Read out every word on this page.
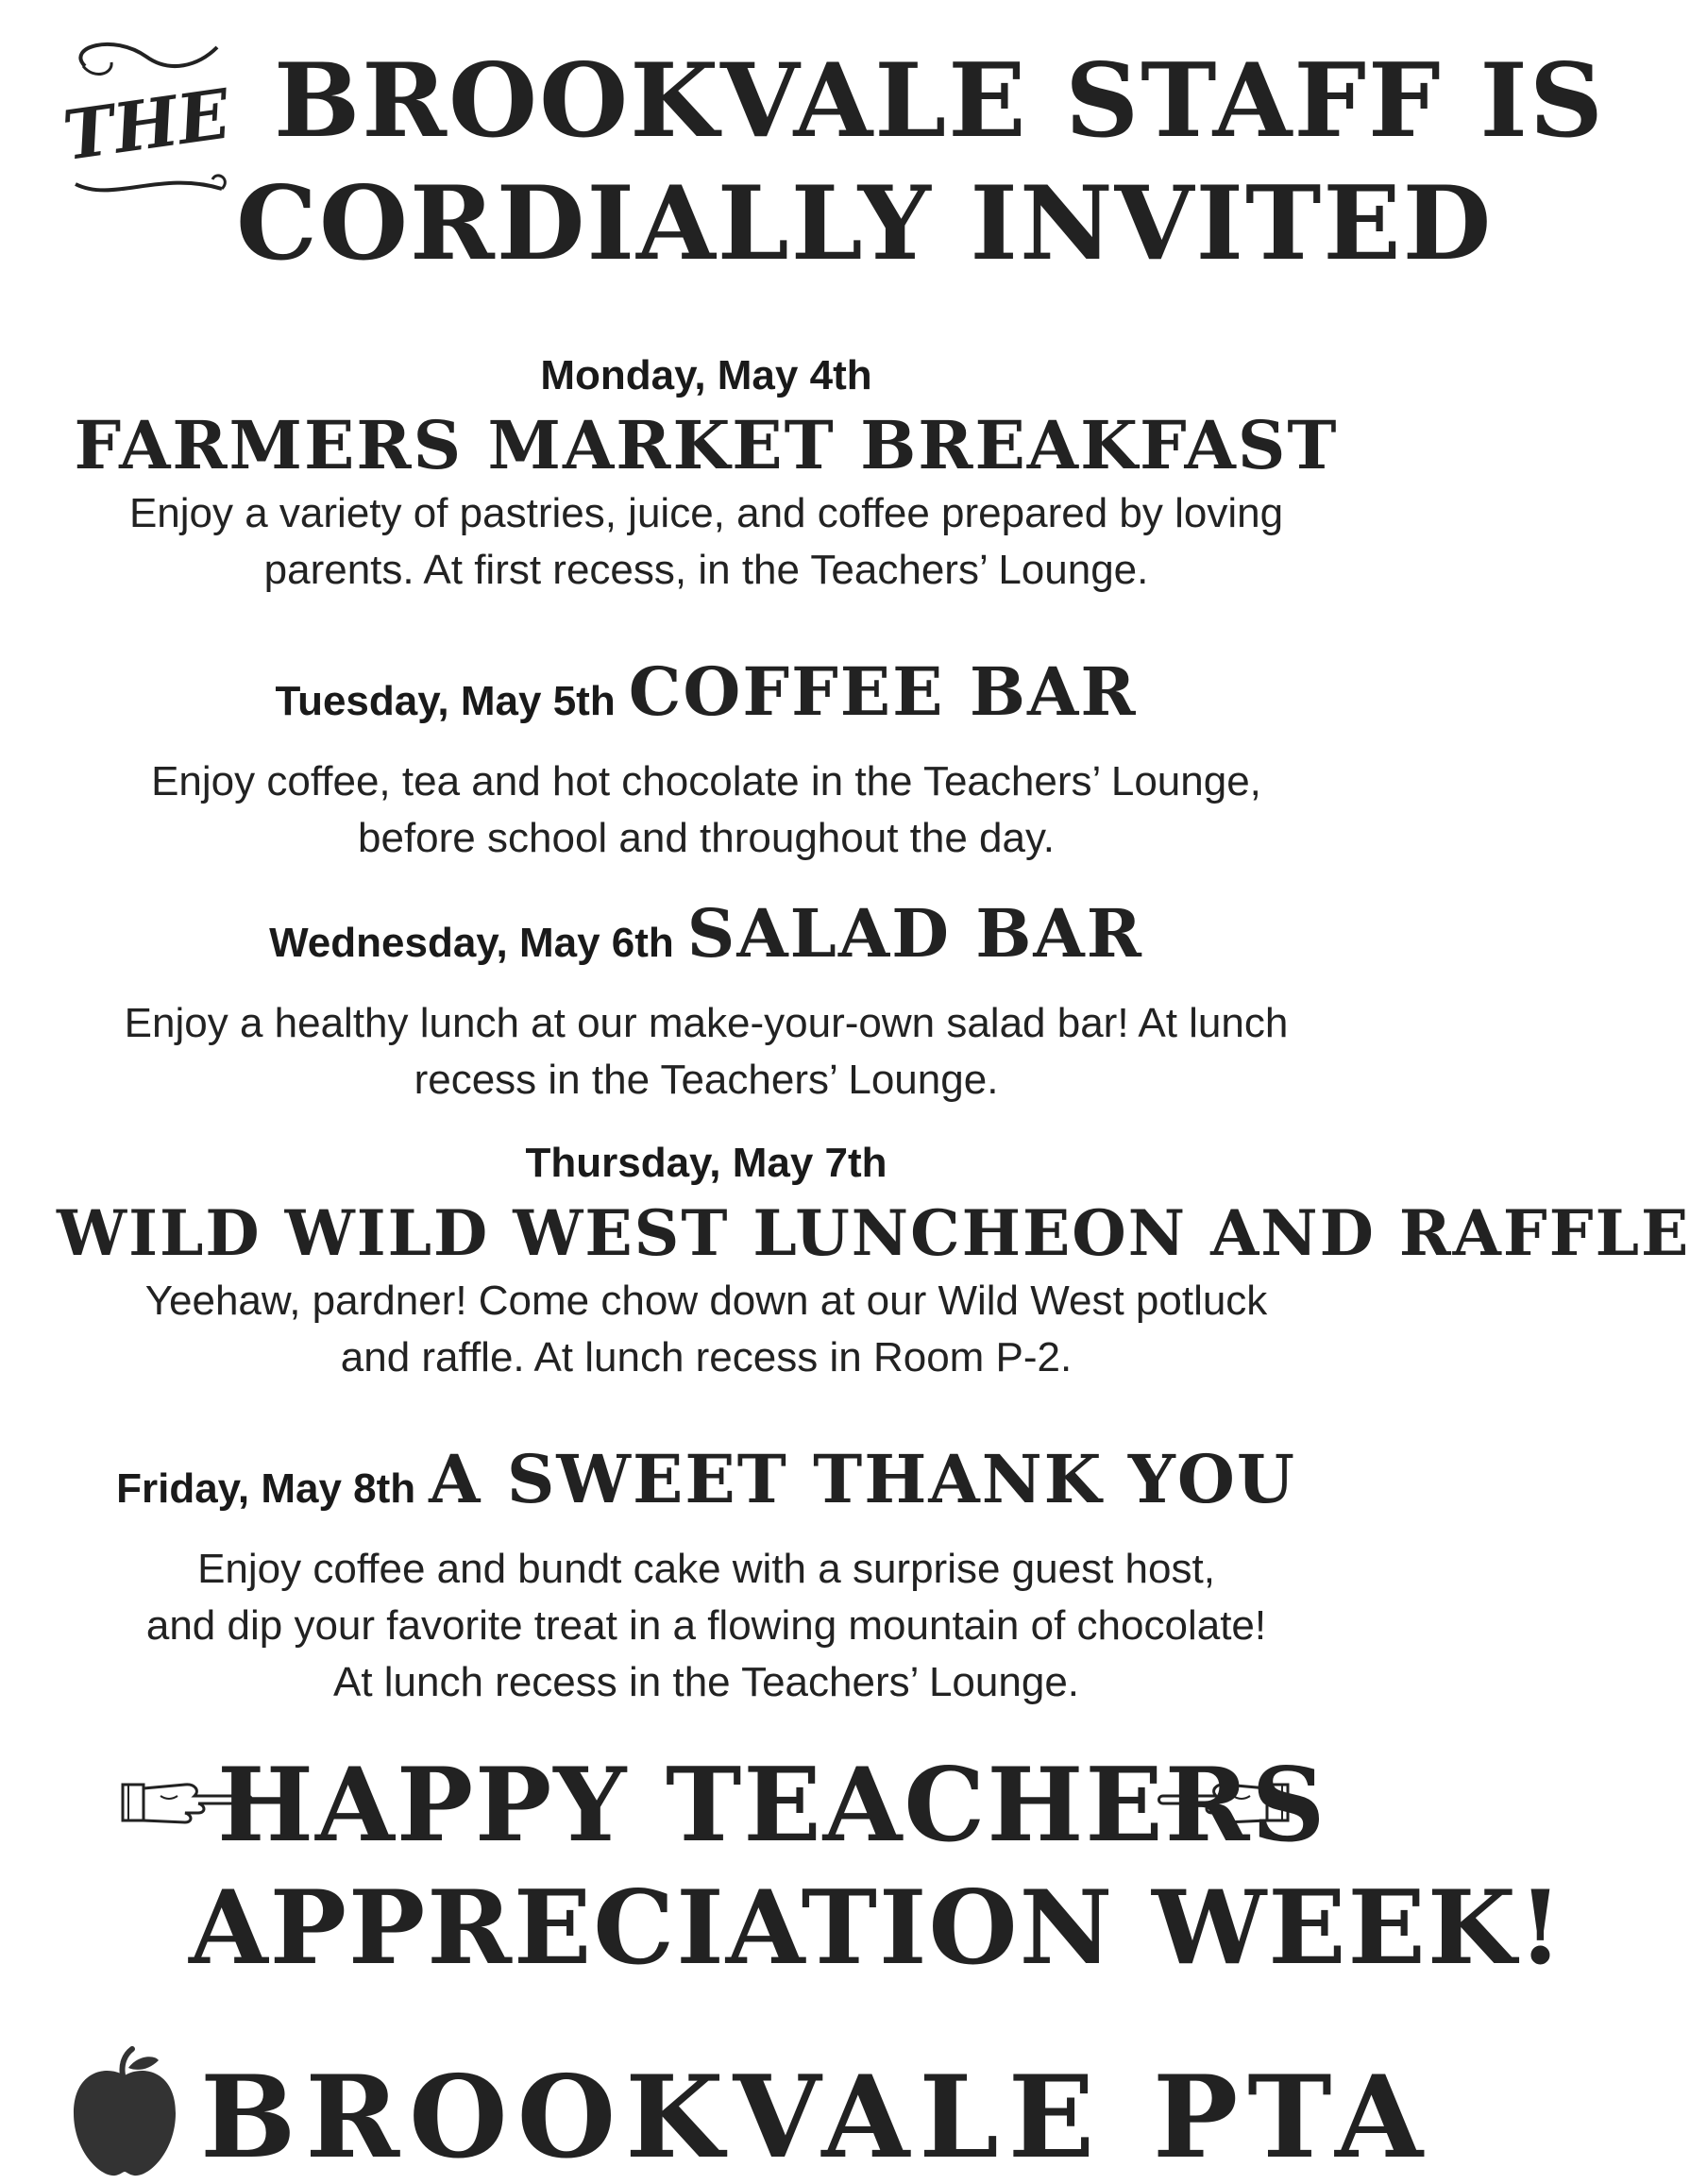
THE BROOKVALE STAFF IS
CORDIALLY INVITED
Monday, May 4th
FARMERS MARKET BREAKFAST
Enjoy a variety of pastries, juice, and coffee prepared by loving
parents. At first recess, in the Teachers’ Lounge.
Tuesday, May 5th COFFEE BAR
Enjoy coffee, tea and hot chocolate in the Teachers’ Lounge,
before school and throughout the day.
Wednesday, May 6th SALAD BAR
Enjoy a healthy lunch at our make-your-own salad bar! At lunch
recess in the Teachers’ Lounge.
Thursday, May 7th
WILD WILD WEST LUNCHEON AND RAFFLE
Yeehaw, pardner! Come chow down at our Wild West potluck
and raffle. At lunch recess in Room P-2.
Friday, May 8th A SWEET THANK YOU
Enjoy coffee and bundt cake with a surprise guest host,
and dip your favorite treat in a flowing mountain of chocolate!
At lunch recess in the Teachers’ Lounge.
HAPPY TEACHERS
APPRECIATION WEEK!
BROOKVALE PTA
